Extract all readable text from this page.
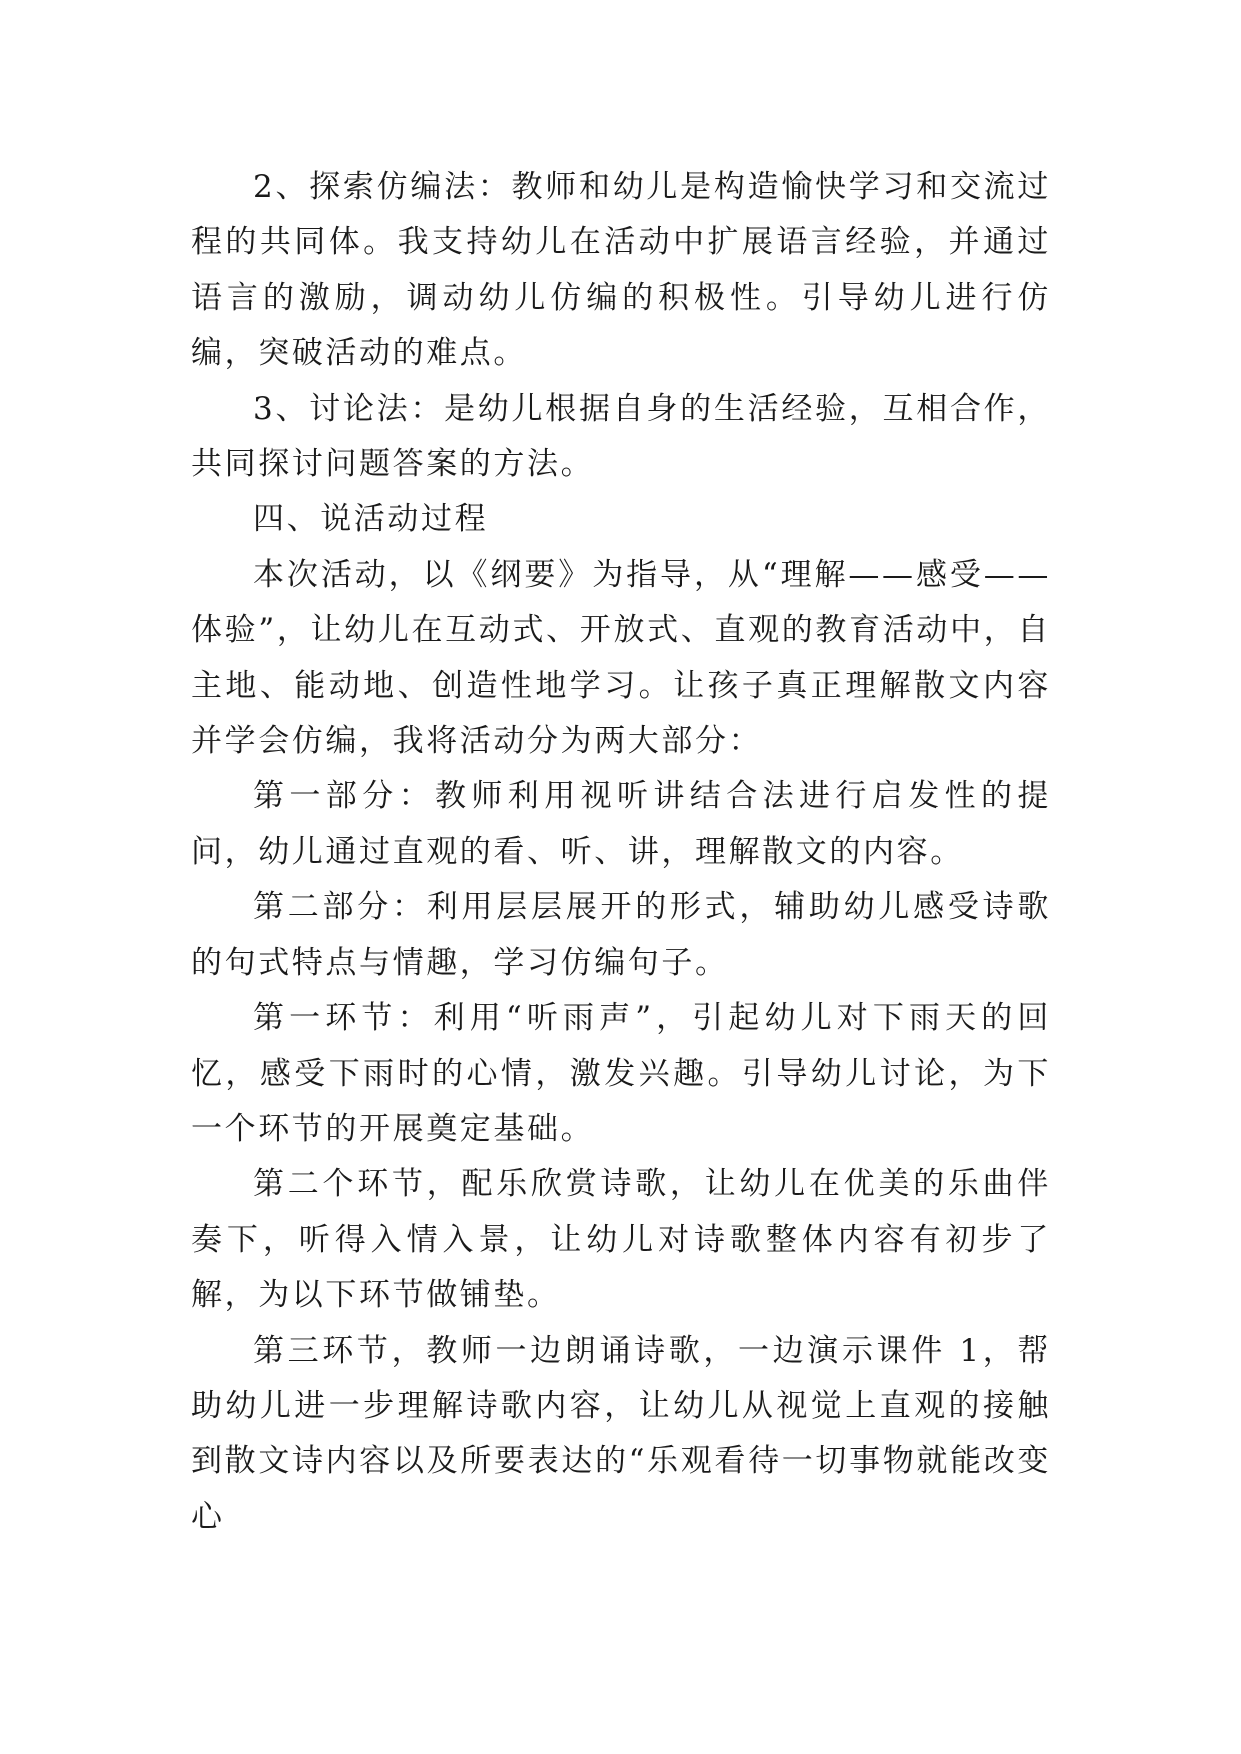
2、探索仿编法：教师和幼儿是构造愉快学习和交流过程的共同体。我支持幼儿在活动中扩展语言经验，并通过语言的激励，调动幼儿仿编的积极性。引导幼儿进行仿编，突破活动的难点。

3、讨论法：是幼儿根据自身的生活经验，互相合作，共同探讨问题答案的方法。

四、说活动过程

本次活动，以《纲要》为指导，从“理解——感受——体验”，让幼儿在互动式、开放式、直观的教育活动中，自主地、能动地、创造性地学习。让孩子真正理解散文内容并学会仿编，我将活动分为两大部分：

第一部分：教师利用视听讲结合法进行启发性的提问，幼儿通过直观的看、听、讲，理解散文的内容。

第二部分：利用层层展开的形式，辅助幼儿感受诗歌的句式特点与情趣，学习仿编句子。

第一环节：利用“听雨声”，引起幼儿对下雨天的回忆，感受下雨时的心情，激发兴趣。引导幼儿讨论，为下一个环节的开展奠定基础。

第二个环节，配乐欣赏诗歌，让幼儿在优美的乐曲伴奏下，听得入情入景，让幼儿对诗歌整体内容有初步了解，为以下环节做铺垫。

第三环节，教师一边朗诵诗歌，一边演示课件 1，帮助幼儿进一步理解诗歌内容，让幼儿从视觉上直观的接触到散文诗内容以及所要表达的“乐观看待一切事物就能改变心
